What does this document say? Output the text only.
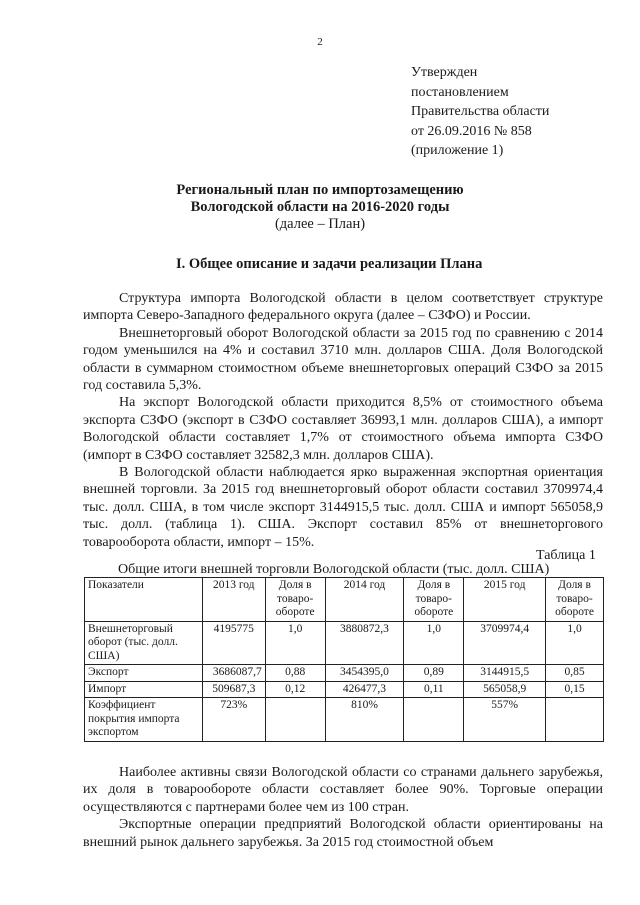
2
Утвержден
постановлением
Правительства области
от 26.09.2016 № 858
(приложение 1)
Региональный план по импортозамещению
Вологодской области на 2016-2020 годы
(далее – План)
I. Общее описание и задачи реализации Плана

Структура импорта Вологодской области в целом соответствует структуре импорта Северо-Западного федерального округа (далее – СЗФО) и России.

Внешнеторговый оборот Вологодской области за 2015 год по сравнению с 2014 годом уменьшился на 4% и составил 3710 млн. долларов США. Доля Вологодской области в суммарном стоимостном объеме внешнеторговых операций СЗФО за 2015 год составила 5,3%.

На экспорт Вологодской области приходится 8,5% от стоимостного объема экспорта СЗФО (экспорт в СЗФО составляет 36993,1 млн. долларов США), а импорт Вологодской области составляет 1,7% от стоимостного объема импорта СЗФО (импорт в СЗФО составляет 32582,3 млн. долларов США).

В Вологодской области наблюдается ярко выраженная экспортная ориентация внешней торговли. За 2015 год внешнеторговый оборот области составил 3709974,4 тыс. долл. США, в том числе экспорт 3144915,5 тыс. долл. США и импорт 565058,9 тыс. долл. (таблица 1). США. Экспорт составил 85% от внешнеторгового товарооборота области, импорт – 15%.

Таблица 1
Общие итоги внешней торговли Вологодской области (тыс. долл. США)
Показатели	2013 год	Доля в товаро-обороте	2014 год	Доля в товаро-обороте	2015 год	Доля в товаро-обороте
Внешнеторговый оборот (тыс. долл. США)	4195775	1,0	3880872,3	1,0	3709974,4	1,0
Экспорт	3686087,7	0,88	3454395,0	0,89	3144915,5	0,85
Импорт	509687,3	0,12	426477,3	0,11	565058,9	0,15
Коэффициент покрытия импорта экспортом	723%		810%		557%	

Наиболее активны связи Вологодской области со странами дальнего зарубежья, их доля в товарообороте области составляет более 90%. Торговые операции осуществляются с партнерами более чем из 100 стран.

Экспортные операции предприятий Вологодской области ориентированы на внешний рынок дальнего зарубежья. За 2015 год стоимостной объем
